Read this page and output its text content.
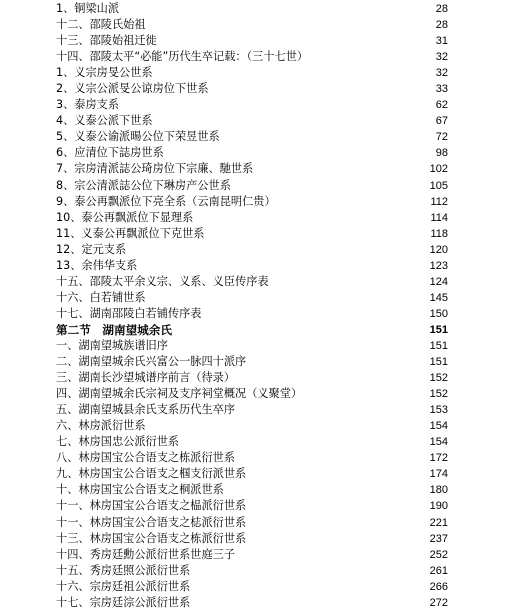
1、铜梁山派	28
十二、邵陵氏始祖	28
十三、邵陵始祖迁徙	31
十四、邵陵太平“必能”历代生卒记载：（三十七世）	32
1、义宗房旻公世系	32
2、义宗公派旻公谅房位下世系	33
3、泰房支系	62
4、义泰公派下世系	67
5、义泰公谕派暘公位下荣昱世系	72
6、应清位下誌房世系	98
7、宗房清派誌公琦房位下宗廉、馳世系	102
8、宗公清派誌公位下琳房产公世系	105
9、泰公再飘派位下亮全系（云南昆明仁贵）	112
10、泰公再飘派位下显理系	114
11、义泰公再飘派位下克世系	118
12、定元支系	120
13、余伟华支系	123
十五、邵陵太平余义宗、义系、义臣传序表	124
十六、白若铺世系	145
十七、湖南邵陵白若铺传序表	150
第二节　湖南望城余氏	151
一、湖南望城族谱旧序	151
二、湖南望城余氏兴富公一脉四十派序	151
三、湖南长沙望城谱序前言（待录）	152
四、湖南望城余氏宗祠及支序祠堂概况（义聚堂）	152
五、湖南望城县余氏支系历代生卒序	153
六、林房派衍世系	154
七、林房国忠公派衍世系	154
八、林房国宝公合语支之栋派衍世系	172
九、林房国宝公合语支之椢支衍派世系	174
十、林房国宝公合语支之桐派世系	180
十一、林房国宝公合语支之榀派衍世系	190
十一、林房国宝公合语支之梽派衍世系	221
十三、林房国宝公合语支之栋派衍世系	237
十四、秀房廷勳公派衍世系世庭三子	252
十五、秀房廷照公派衍世系	261
十六、宗房廷祖公派衍世系	266
十七、宗房廷淙公派衍世系	272
